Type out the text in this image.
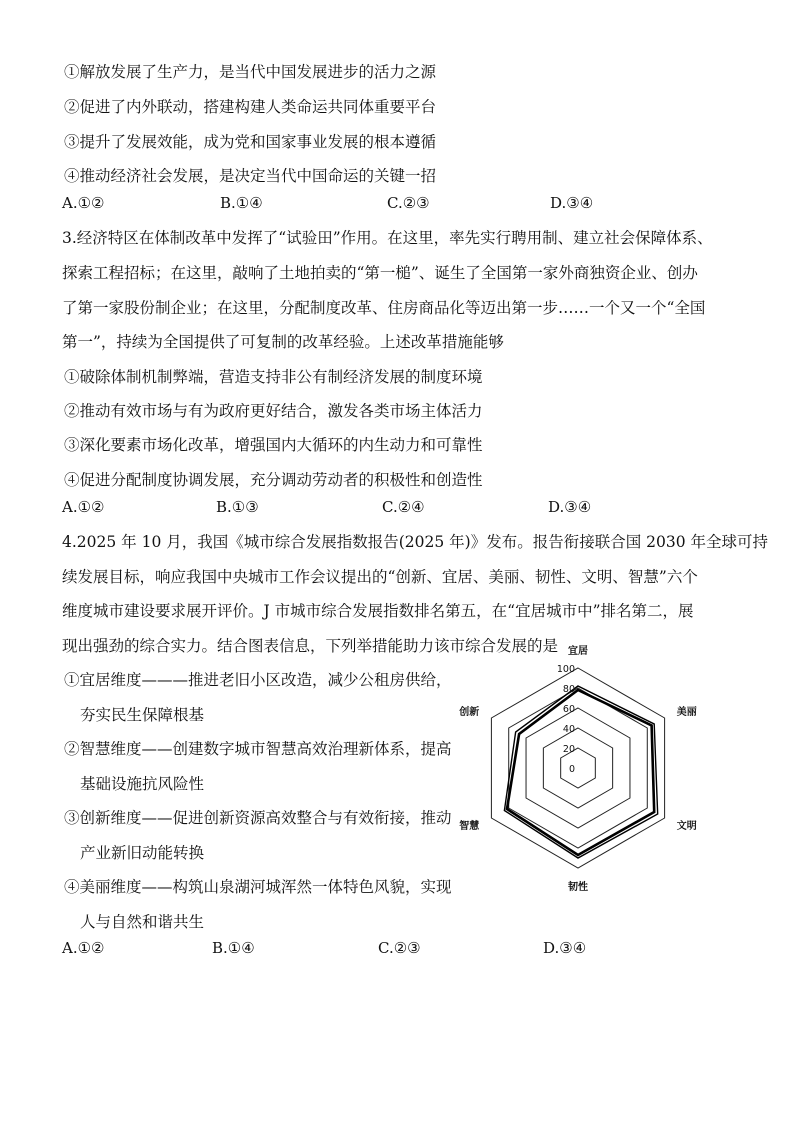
①解放发展了生产力，是当代中国发展进步的活力之源
②促进了内外联动，搭建构建人类命运共同体重要平台
③提升了发展效能，成为党和国家事业发展的根本遵循
④推动经济社会发展，是决定当代中国命运的关键一招
A.①②	B.①④	C.②③	D.③④
3.经济特区在体制改革中发挥了“试验田”作用。在这里，率先实行聘用制、建立社会保障体系、
探索工程招标；在这里，敲响了土地拍卖的“第一槌”、诞生了全国第一家外商独资企业、创办
了第一家股份制企业；在这里，分配制度改革、住房商品化等迈出第一步……一个又一个“全国
第一”，持续为全国提供了可复制的改革经验。上述改革措施能够
①破除体制机制弊端，营造支持非公有制经济发展的制度环境
②推动有效市场与有为政府更好结合，激发各类市场主体活力
③深化要素市场化改革，增强国内大循环的内生动力和可靠性
④促进分配制度协调发展，充分调动劳动者的积极性和创造性
A.①②	B.①③	C.②④	D.③④
4.2025 年 10 月，我国《城市综合发展指数报告(2025 年)》发布。报告衔接联合国 2030 年全球可持
续发展目标，响应我国中央城市工作会议提出的“创新、宜居、美丽、韧性、文明、智慧”六个
维度城市建设要求展开评价。J 市城市综合发展指数排名第五，在“宜居城市中”排名第二，展
现出强劲的综合实力。结合图表信息，下列举措能助力该市综合发展的是
①宜居维度———推进老旧小区改造，减少公租房供给，
夯实民生保障根基
②智慧维度——创建数字城市智慧高效治理新体系，提高
基础设施抗风险性
③创新维度——促进创新资源高效整合与有效衔接，推动
产业新旧动能转换
④美丽维度——构筑山泉湖河城浑然一体特色风貌，实现
人与自然和谐共生
A.①②	B.①④	C.②③	D.③④
0
20
40
60
80
100
宜居
美丽
文明
韧性
智慧
创新
